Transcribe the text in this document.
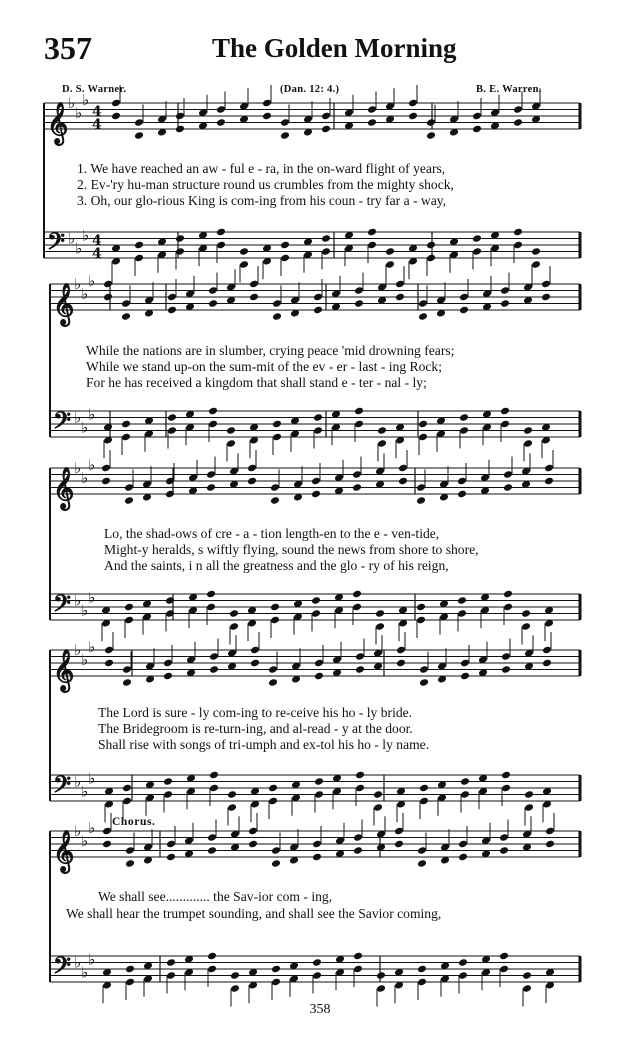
𝄞 ♭
♭
♭
4
4
𝄢 ♭
♭
♭ 4
4
𝄞 ♭
♭
♭
𝄢 ♭
♭
♭
𝄞 ♭
♭
♭
𝄢 ♭
♭
♭
𝄞 ♭
♭
♭
𝄢 ♭
♭
♭
𝄞 ♭
♭
♭
𝄢 ♭
♭
♭
357	The Golden Morning
D. S. Warner.	(Dan. 12: 4.)	B. E. Warren.
1. We have reached an aw - ful e - ra, in the on-ward flight of years,
2. Ev-'ry hu-man structure round us crumbles from the mighty shock,
3. Oh, our glo-rious King is com-ing from his coun - try far a - way,
While the nations are in slumber, crying peace 'mid drowning fears;
While we stand up-on the sum-mit of the ev - er - last - ing Rock;
For he has received a kingdom that shall stand e - ter - nal - ly;
Lo, the shad-ows of cre - a - tion length-en to the e - ven-tide,
Might-y heralds, s wiftly flying, sound the news from shore to shore,
And the saints, i n all the greatness and the glo - ry of his reign,
The Lord is sure - ly com-ing to re-ceive his ho - ly bride.
The Bridegroom is re-turn-ing, and al-read - y at the door.
Shall rise with songs of tri-umph and ex-tol his ho - ly name.
Chorus.
We shall see............. the Sav-ior com - ing,
We shall hear the trumpet sounding, and shall see the Savior coming,
358
